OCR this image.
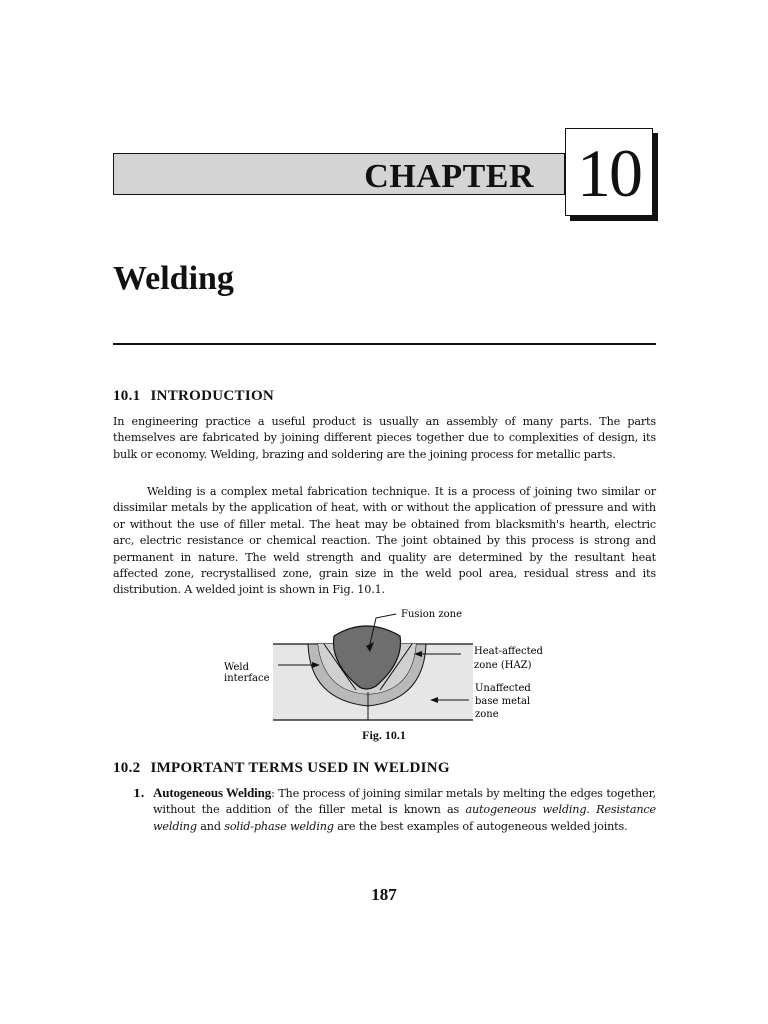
CHAPTER 10
Welding
10.1 INTRODUCTION

In engineering practice a useful product is usually an assembly of many parts. The parts themselves are fabricated by joining different pieces together due to complexities of design, its bulk or economy. Welding, brazing and soldering are the joining process for metallic parts.

Welding is a complex metal fabrication technique. It is a process of joining two similar or dissimilar metals by the application of heat, with or without the application of pressure and with or without the use of filler metal. The heat may be obtained from blacksmith's hearth, electric arc, electric resistance or chemical reaction. The joint obtained by this process is strong and permanent in nature. The weld strength and quality are determined by the resultant heat affected zone, recrystallised zone, grain size in the weld pool area, residual stress and its distribution. A welded joint is shown in Fig. 10.1.

Fusion zone
Heat-affected
zone (HAZ)
Weld
interface
Unaffected
base metal
zone
Fig. 10.1
10.2 IMPORTANT TERMS USED IN WELDING

1. Autogeneous Welding: The process of joining similar metals by melting the edges together, without the addition of the filler metal is known as autogeneous welding. Resistance welding and solid-phase welding are the best examples of autogeneous welded joints.

187
